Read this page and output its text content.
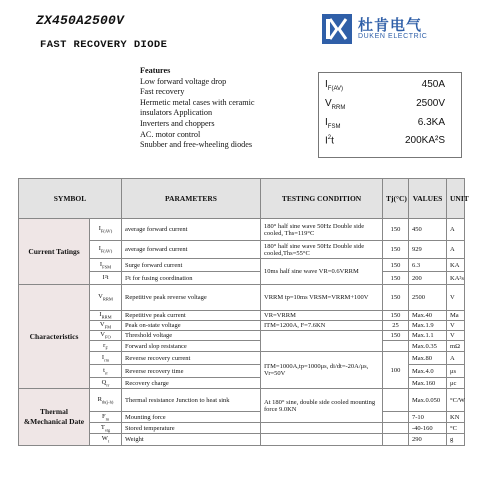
ZX450A2500V
FAST RECOVERY DIODE
杜肯电气
DUKEN ELECTRIC
Features
Low forward voltage drop
Fast recovery
Hermetic metal cases with ceramic
insulators Application
Inverters and choppers
AC. motor control
Snubber and free-wheeling diodes
$I_{F(AV)}$	450A
$V_{RRM}$	2500V
$I_{FSM}$	6.3KA
$I^2t$	200KA²S
SYMBOL		PARAMETERS	TESTING CONDITION	Tj(°C)	VALUES	UNIT
Current Tatings	$I_{F(AV)}$	average forward current	180° half sine wave 50Hz Double side cooled, Ths=119°C	150	450	A
	$I_{F(AV)}$	average forward current	180° half sine wave 50Hz Double side cooled,Ths=55°C	150	929	A
	$I_{FSM}$	Surge forward current	10ms half sine wave VR=0.6VRRM	150	6.3	KA
	I²t	I²t for fusing coordination		150	200	KA²s
Characteristics	$V_{RRM}$	Repetitive peak reverse voltage	VRRM tp=10ms VRSM=VRRM+100V	150	2500	V
	$I_{RRM}$	Repetitive peak current	VR=VRRM	150	Max.40	Ma
	$V_{FM}$	Peak on-state voltage	ITM=1200A, F=7.6KN	25	Max.1.9	V
	$V_{FO}$	Threshold voltage		150	Max.1.1	V
	$r_F$	Forward slop resistance			Max.0.35	mΩ
	$I_{rm}$	Reverse recovery current	ITM=1000A,tp=1000μs, di/dt=-20A/μs, Vr=50V	100	Max.80	A
	$t_{rr}$	Reverse recovery time			Max.4.0	μs
	$Q_{rr}$	Recovery charge			Max.160	μc
Thermal &Mechanical Date	$R_{th(j-h)}$	Thermal resistance Junction to heat sink	At 180° sine, double side cooled mounting force 9.0KN		Max.0.050	°C/W
	$F_m$	Mounting force			7-10	KN
	$T_{stg}$	Stored temperature			-40-160	°C
	$W_t$	Weight			290	g
